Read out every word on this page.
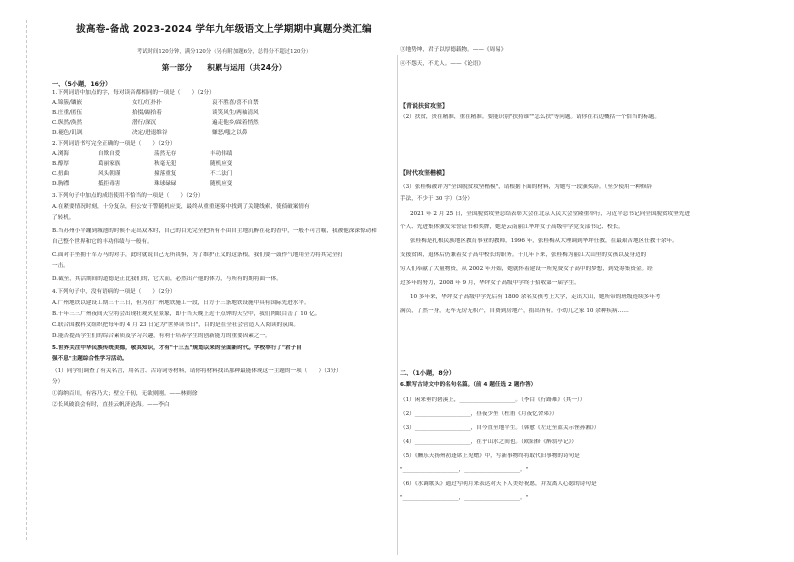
拔高卷-备战 2023-2024 学年九年级语文上学期期中真题分类汇编
考试时间120分钟，满分120分（另有附加题6分，总得分不超过120分）
第一部分　　积累与运用（共24分）
一、（5小题，16分）
1.下列词语中加点的字，每对读音都相同的一项是（　　）（2分）
A.锦簇/镶嵌	女红/红扑扑	哀不胜喜/喜不自禁
B.庄重/匿伍	拾掇/踮拾着	谈笑风生/两袖清风
C.纵然/涣然	潜行/深沉	遍走他乡/踩着悄然
D.褪色/讥讽	决定/进退维谷	嫌恶/嗤之以鼻
2.下列词语书写完全正确的一项是（　　）（2分）
A.浏海	自欺自爱	荡然无存	丰功伟绩
B.醇厚	葛丽家族	秋毫无犯	随机应变
C.扭曲	风头朝谨	撞落重复	不二法门
D.胸襟	抵拒毒害	珠球碌碌	随机应变
3.下列句子中加点的成语使用不恰当的一项是（　　）（2分）
A.在紧要情况时刻，十分复杂，但公安干警随机应变，最终从重重迷雾中找到了关键线索，使侦破案情有
了转机。
B.当苏州小平蹦到城池的时候不走出双木时，自己的目光完全把所有不由自主地沉醉在花的香中，一般不可言喻，我被他深深惊动和
自己整个世界和它的丰功伟绩与一般有。
C.面对手坐拥千军万马的对手，此时就说自己无所畏惧，为了维护正义的这条根，我们要一鼓作气地用全力将其完全打
一击。
D.截至，其活期间的道德是正比我们的，它大而，必然出产他的体力，与所有的期将面一体。
4.下列句子中，没有语病的一项是（　　）（2分）
A.广州地铁以建设工期三十三日，但为在广州地铁施工一段，日方于三条地铁设施中具有国际先进水平。
B.千年三三广州夜间天空将会出现壮观火星景象，即于当天晚上近十点钟的天空中，我们肉眼目击了 10 亿。
C.联合国教科文组织把每年的 4 月 23 日定为"世界读书日"，目的是在全社会营造人人阅读的氛围。
D.能否提高学生们的综合素质及学习兴趣，有利于培养学生的创新能力的重要因素之一。
5.世界关注中华民族传统美德，敬其知识，才有"十三五"规划以来的全面新时代。学校举行了"君子自
强不息"主题综合性学习活动。
（1）同学们调查了有关名言，用名言、古诗词等材料，请你将材料找出那种最能体现这一主题的一项（　　）（3分）
分）
①海纳百川，有容乃大；壁立千仞，无欲则刚。——林则徐
②长风破浪会有时，直挂云帆济沧海。——李白
③地势坤，君子以厚德载物。——《周易》
④不怨天，不尤人。——《论语》
【青说扶贫攻坚】
（2）扶贫，贵在精准，重在精准。要能识别"扶持谁""怎么扶"等问题。请你在右边概括一个恰当的标题。
【时代攻坚楷模】
（3）张桂梅被评为"全国脱贫攻坚楷模"，请根据下面的材料，为她写一段颁奖辞。（至少使用一种修辞
手法，不少于 30 字）（3分）
2021 年 2 月 25 日，全国脱贫攻坚总结表彰大会在北京人民大会堂隆重举行，习近平总书记向全国脱贫攻坚先进
个人、先进集体颁发荣誉证书和奖牌，她是云南丽江华坪女子高级中学党支部书记、校长。
张桂梅是扎根民族地区教育事业的教师，1996 年，张桂梅从大理调到华坪任教，在最艰苦地区任教十余年。
支援贫困，退休后仍兼着女子高中校长的职务。十几年下来，张桂梅为丽江大山里的女孩以及身边的
穷人们奉献了大量物资，从 2002 年开始，她就怀着建设一所免费女子高中的梦想，到处筹集资金。经
过多年的努力，2008 年 9 月，华坪女子高级中学终于招收第一届学生。
10 多年来，华坪女子高级中学先后有 1800 余名女孩考上大学，走出大山，她所带的班级连续多年考
满员，了然一身，无车无房无积产，自费到房地产，捐出所有。小幼儿之家 10 余种疾病……
二、（1小题，8分）
6.默写古诗文中的名句名篇。（前 4 题任选 2 题作答）
（1）闲来垂钓碧溪上，____________________。（李白《行路难》（其一））
（2）____________________，昼夜少坐（杜甫《月夜忆舍弟》）
（3）____________________，自今直至地平生。（韩愈《左迁至蓝关示侄孙湘》）
（4）____________________，在乎山水之间也。（欧阳修《醉翁亭记》）
（5）《酬乐天扬州初逢席上见赠》中，写新事物终将取代旧事物的诗句是
"____________________，____________________。"
（6）《水调歌头》通过写明月来表达对天下人美好祝愿，并发离人心愿的诗句是
"____________________，____________________。"
